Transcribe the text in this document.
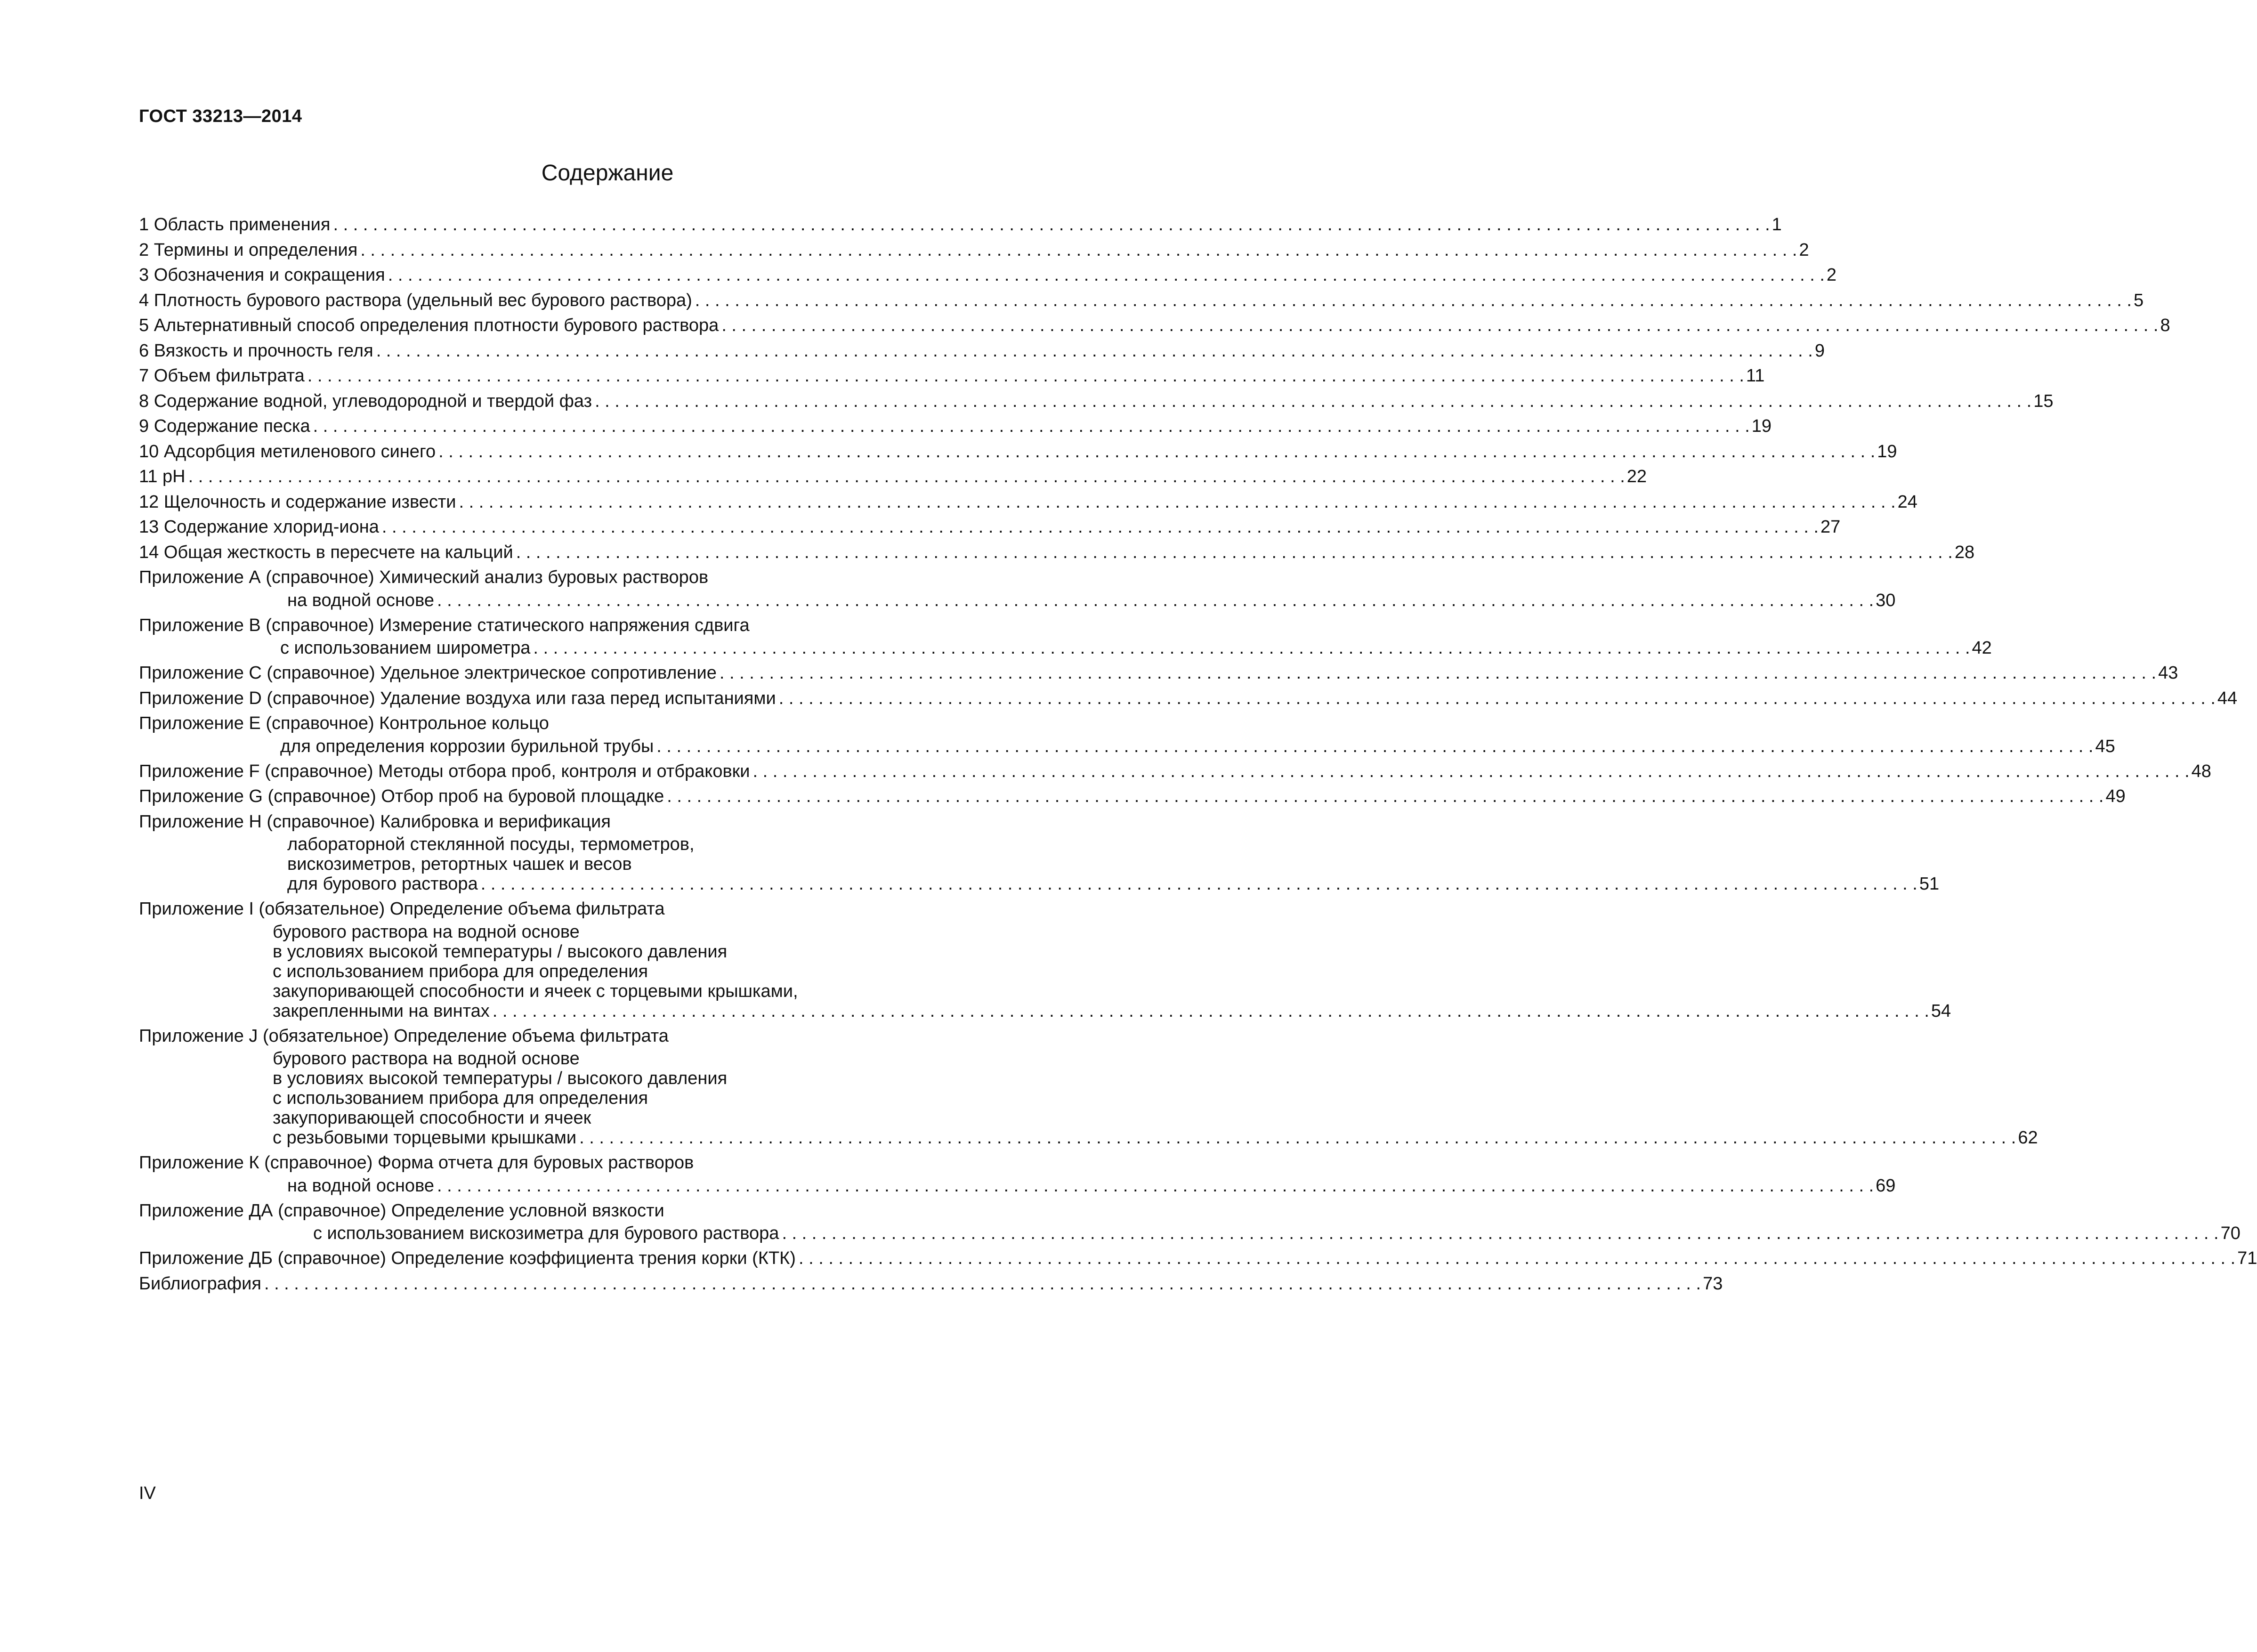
ГОСТ 33213—2014
Содержание
1 Область применения . . .	1
2 Термины и определения . . .	2
3 Обозначения и сокращения . . .	2
4 Плотность бурового раствора (удельный вес бурового раствора) . . .	5
5 Альтернативный способ определения плотности бурового раствора . . .	8
6 Вязкость и прочность геля . . .	9
7 Объем фильтрата . . .	11
8 Содержание водной, углеводородной и твердой фаз . . .	15
9 Содержание песка . . .	19
10 Адсорбция метиленового синего . . .	19
11 pH . . .	22
12 Щелочность и содержание извести . . .	24
13 Содержание хлорид-иона . . .	27
14 Общая жесткость в пересчете на кальций . . .	28
Приложение А (справочное) Химический анализ буровых растворов
на водной основе . . .	30
Приложение В (справочное) Измерение статического напряжения сдвига
с использованием широметра . . .	42
Приложение С (справочное) Удельное электрическое сопротивление . . .	43
Приложение D (справочное) Удаление воздуха или газа перед испытаниями . . .	44
Приложение Е (справочное) Контрольное кольцо
для определения коррозии бурильной трубы . . .	45
Приложение F (справочное) Методы отбора проб, контроля и отбраковки . . .	48
Приложение G (справочное) Отбор проб на буровой площадке . . .	49
Приложение Н (справочное) Калибровка и верификация
лабораторной стеклянной посуды, термометров,
вискозиметров, ретортных чашек и весов
для бурового раствора . . .	51
Приложение I (обязательное) Определение объема фильтрата
бурового раствора на водной основе
в условиях высокой температуры / высокого давления
с использованием прибора для определения
закупоривающей способности и ячеек с торцевыми крышками,
закрепленными на винтах . . .	54
Приложение J (обязательное) Определение объема фильтрата
бурового раствора на водной основе
в условиях высокой температуры / высокого давления
с использованием прибора для определения
закупоривающей способности и ячеек
с резьбовыми торцевыми крышками . . .	62
Приложение К (справочное) Форма отчета для буровых растворов
на водной основе . . .	69
Приложение ДА (справочное) Определение условной вязкости
с использованием вискозиметра для бурового раствора . . .	70
Приложение ДБ (справочное) Определение коэффициента трения корки (КТК) . . .	71
Библиография . . .	73
IV
